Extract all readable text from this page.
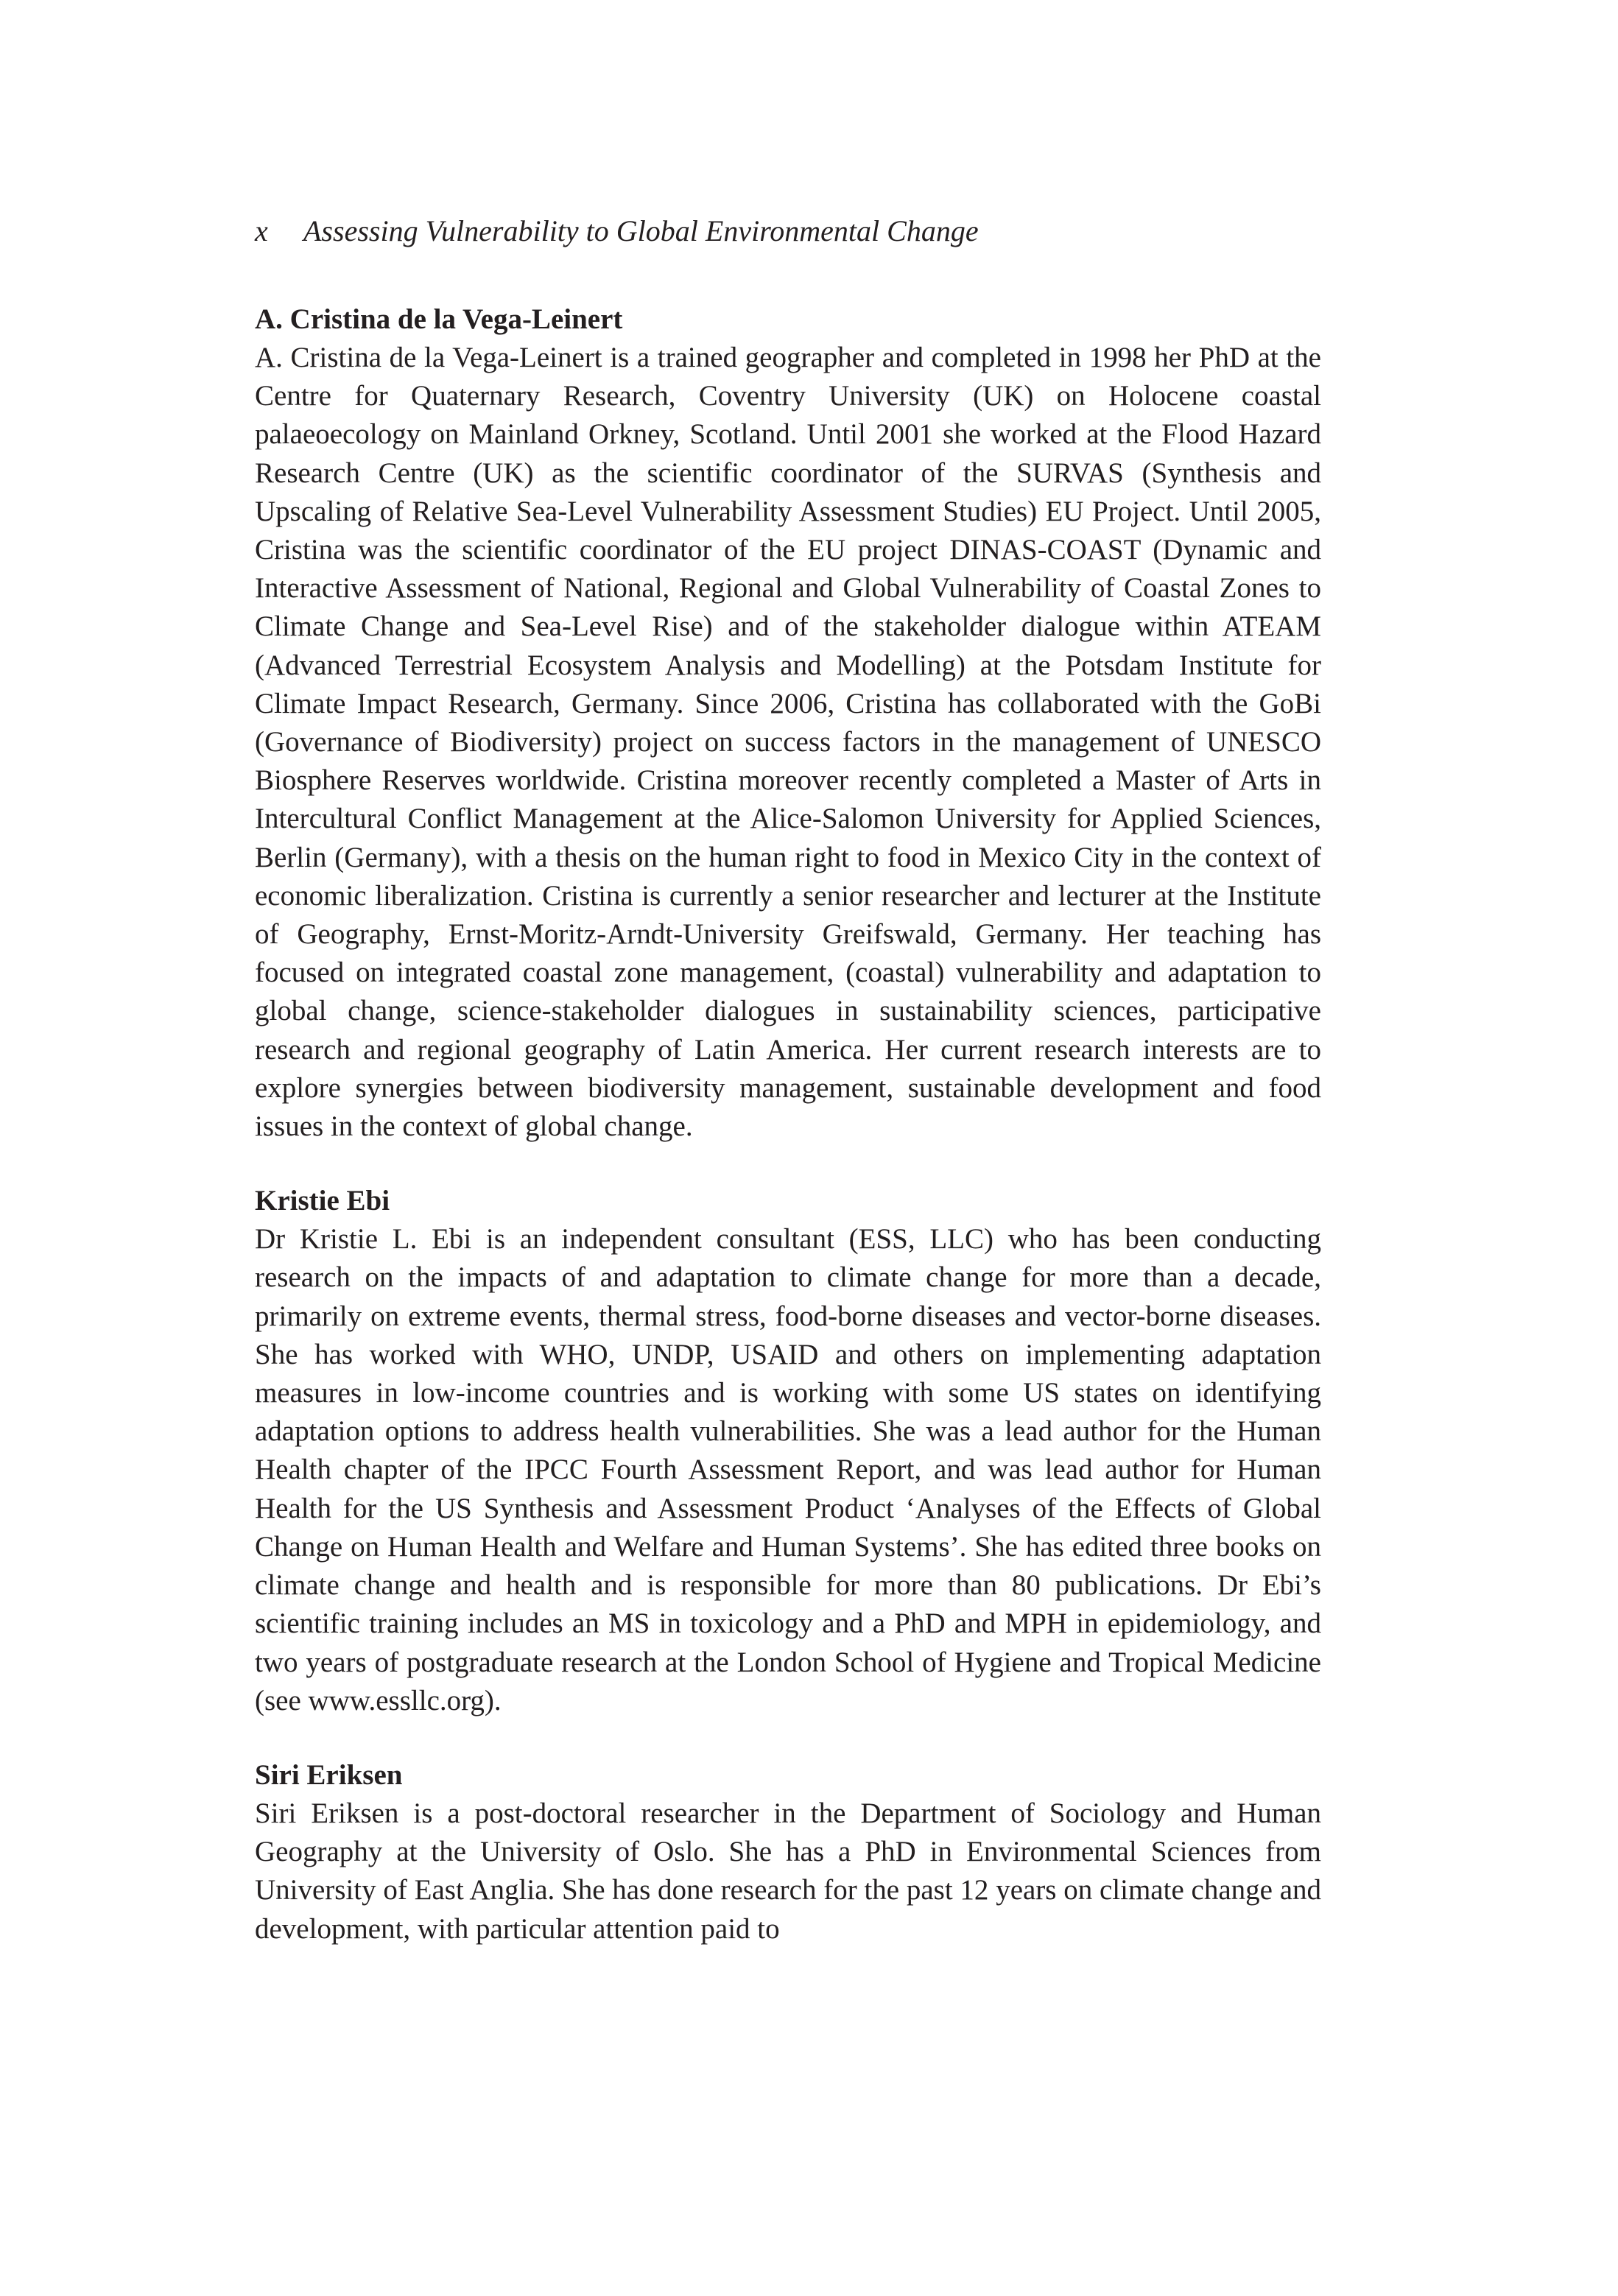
x Assessing Vulnerability to Global Environmental Change

A. Cristina de la Vega-Leinert

A. Cristina de la Vega-Leinert is a trained geographer and completed in 1998 her PhD at the Centre for Quaternary Research, Coventry University (UK) on Holocene coastal palaeoecology on Mainland Orkney, Scotland. Until 2001 she worked at the Flood Hazard Research Centre (UK) as the scientific coordinator of the SURVAS (Synthesis and Upscaling of Relative Sea-Level Vulnerability Assessment Studies) EU Project. Until 2005, Cristina was the scientific coordinator of the EU project DINAS-COAST (Dynamic and Interactive Assessment of National, Regional and Global Vulnerability of Coastal Zones to Climate Change and Sea-Level Rise) and of the stakeholder dialogue within ATEAM (Advanced Terrestrial Ecosystem Analysis and Modelling) at the Potsdam Institute for Climate Impact Research, Germany. Since 2006, Cristina has collaborated with the GoBi (Governance of Biodiversity) project on success factors in the management of UNESCO Biosphere Reserves worldwide. Cristina moreover recently completed a Master of Arts in Intercultural Conflict Management at the Alice-Salomon University for Applied Sciences, Berlin (Germany), with a thesis on the human right to food in Mexico City in the context of economic liberalization. Cristina is currently a senior researcher and lecturer at the Institute of Geography, Ernst-Moritz-Arndt-University Greifswald, Germany. Her teaching has focused on integrated coastal zone management, (coastal) vulnerability and adaptation to global change, science-stakeholder dialogues in sustainability sciences, participative research and regional geography of Latin America. Her current research interests are to explore synergies between biodiversity management, sustainable development and food issues in the context of global change.

Kristie Ebi

Dr Kristie L. Ebi is an independent consultant (ESS, LLC) who has been conducting research on the impacts of and adaptation to climate change for more than a decade, primarily on extreme events, thermal stress, food-borne diseases and vector-borne diseases. She has worked with WHO, UNDP, USAID and others on implementing adaptation measures in low-income countries and is working with some US states on identifying adaptation options to address health vulnerabilities. She was a lead author for the Human Health chapter of the IPCC Fourth Assessment Report, and was lead author for Human Health for the US Synthesis and Assessment Product ‘Analyses of the Effects of Global Change on Human Health and Welfare and Human Systems’. She has edited three books on climate change and health and is responsible for more than 80 publications. Dr Ebi’s scientific training includes an MS in toxicology and a PhD and MPH in epidemiology, and two years of postgraduate research at the London School of Hygiene and Tropical Medicine (see www.essllc.org).

Siri Eriksen

Siri Eriksen is a post-doctoral researcher in the Department of Sociology and Human Geography at the University of Oslo. She has a PhD in Environmental Sciences from University of East Anglia. She has done research for the past 12 years on climate change and development, with particular attention paid to
